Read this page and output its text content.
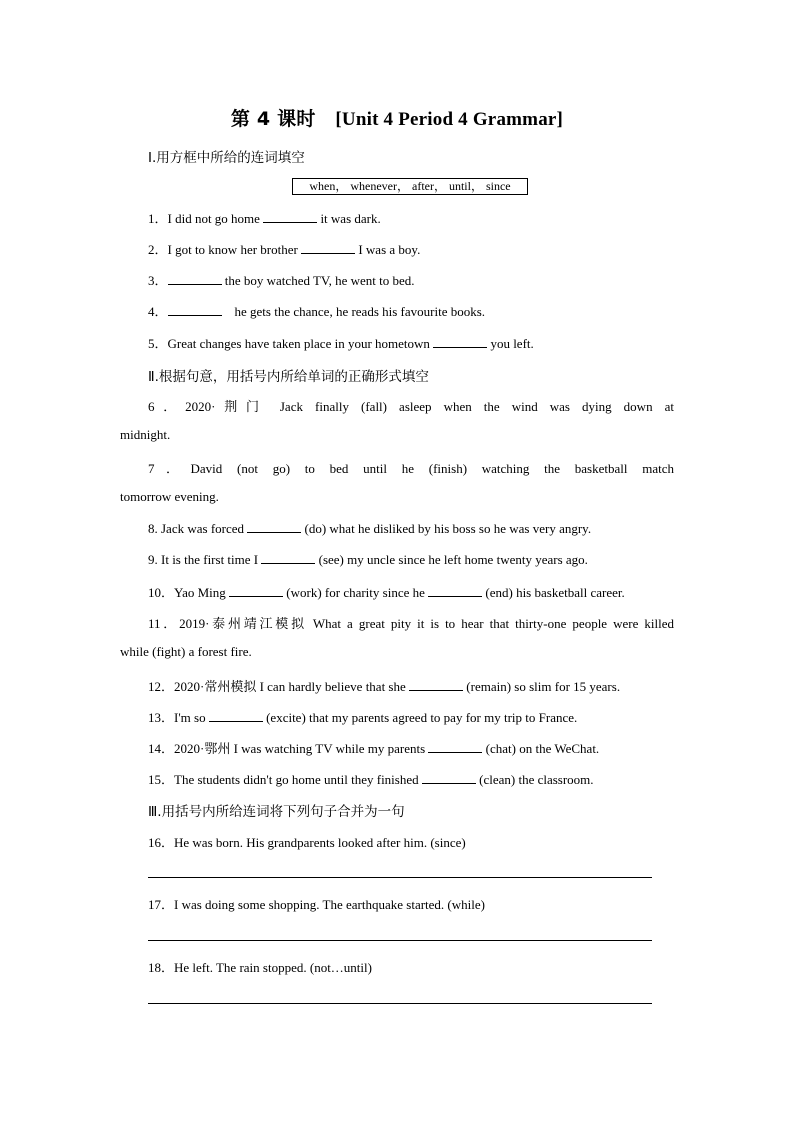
第 4 课时 [Unit 4 Period 4 Grammar]
Ⅰ.用方框中所给的连词填空
when， whenever， after， until， since
1．I did not go home	it was dark.
2．I got to know her brother	I was a boy.
3．	the boy watched TV, he went to bed.
4．	he gets the chance, he reads his favourite books.
5．Great changes have taken place in your hometown	you left.
Ⅱ.根据句意，用括号内所给单词的正确形式填空
6．2020·荆门 Jack finally (fall) asleep when the wind was dying down at
midnight.
7．David (not go) to bed until he (finish) watching the basketball match
tomorrow evening.
8. Jack was forced	(do) what he disliked by his boss so he was very angry.
9. It is the first time I	(see) my uncle since he left home twenty years ago.
10．Yao Ming	(work) for charity since he	(end) his basketball career.
11．2019·泰州靖江模拟 What a great pity it is to hear that thirty-one people were killed
while (fight) a forest fire.
12．2020·常州模拟 I can hardly believe that she	(remain) so slim for 15 years.
13．I'm so	(excite) that my parents agreed to pay for my trip to France.
14．2020·鄂州 I was watching TV while my parents	(chat) on the WeChat.
15．The students didn't go home until they finished	(clean) the classroom.
Ⅲ.用括号内所给连词将下列句子合并为一句
16．He was born. His grandparents looked after him. (since)
17．I was doing some shopping. The earthquake started. (while)
18．He left. The rain stopped. (not…until)
